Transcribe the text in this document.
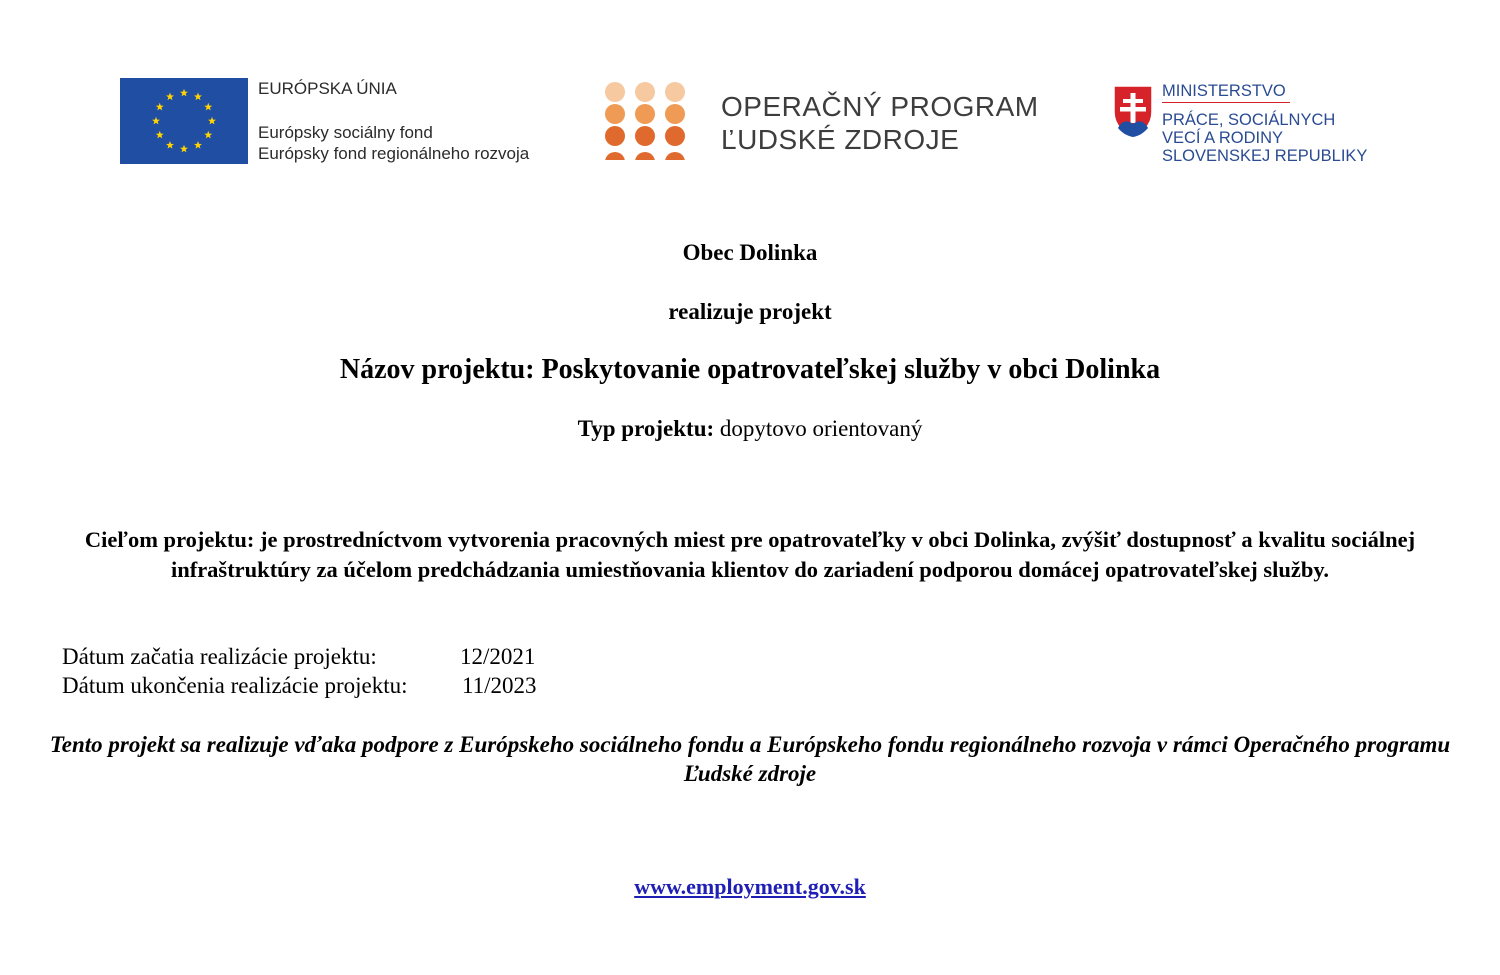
EURÓPSKA ÚNIA
Európsky sociálny fond
Európsky fond regionálneho rozvoja
OPERAČNÝ PROGRAM
ĽUDSKÉ ZDROJE
MINISTERSTVO
PRÁCE, SOCIÁLNYCH
VECÍ A RODINY
SLOVENSKEJ REPUBLIKY
Obec Dolinka
realizuje projekt
Názov projektu: Poskytovanie opatrovateľskej služby v obci Dolinka
Typ projektu: dopytovo orientovaný
Cieľom projektu: je prostredníctvom vytvorenia pracovných miest pre opatrovateľky v obci Dolinka, zvýšiť dostupnosť a kvalitu sociálnej infraštruktúry za účelom predchádzania umiestňovania klientov do zariadení podporou domácej opatrovateľskej služby.
Dátum začatia realizácie projektu:	12/2021
Dátum ukončenia realizácie projektu:	11/2023
Tento projekt sa realizuje vďaka podpore z Európskeho sociálneho fondu a Európskeho fondu regionálneho rozvoja v rámci Operačného programu Ľudské zdroje
www.employment.gov.sk
